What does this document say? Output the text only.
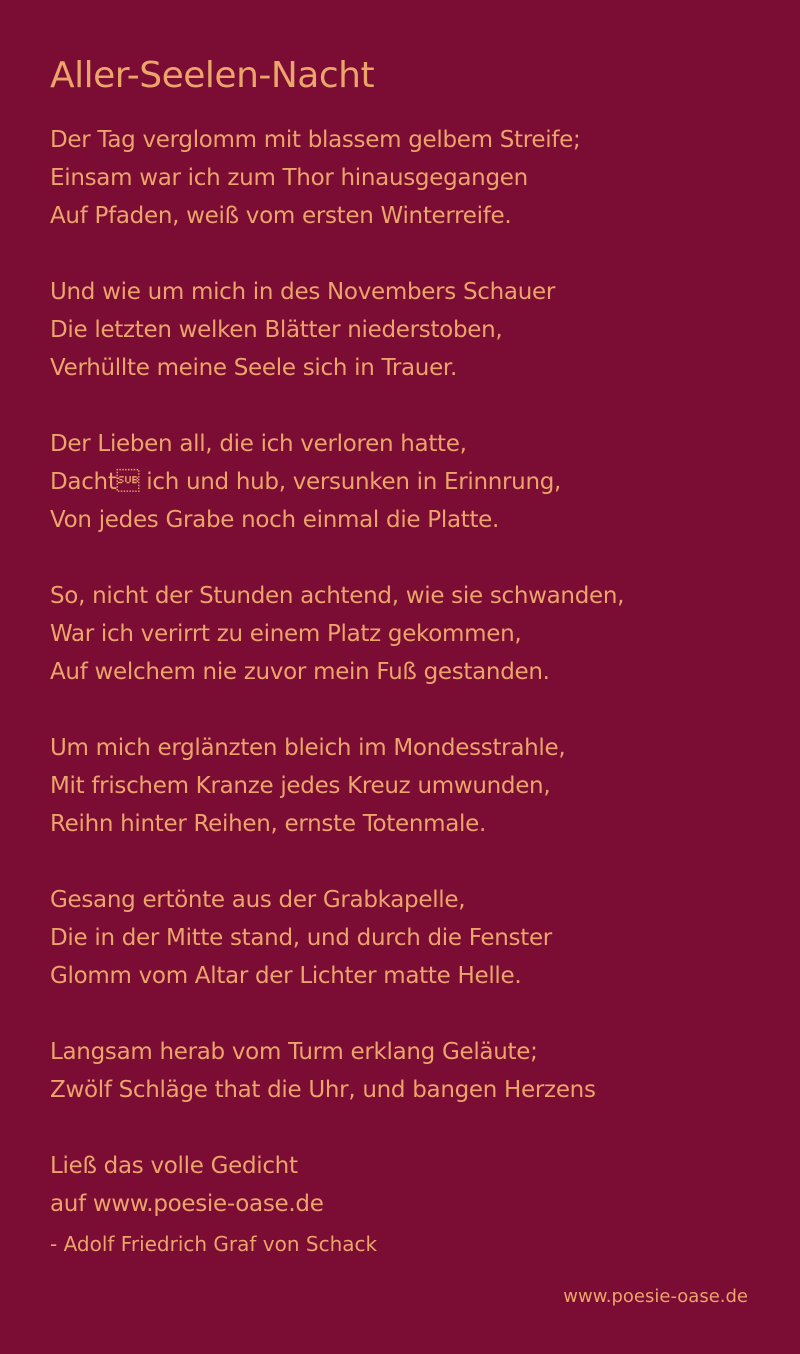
Aller-Seelen-Nacht
Der Tag verglomm mit blassem gelbem Streife;
Einsam war ich zum Thor hinausgegangen
Auf Pfaden, weiß vom ersten Winterreife.
Und wie um mich in des Novembers Schauer
Die letzten welken Blätter niederstoben,
Verhüllte meine Seele sich in Trauer.
Der Lieben all, die ich verloren hatte,
Dacht ich und hub, versunken in Erinnrung,
Von jedes Grabe noch einmal die Platte.
So, nicht der Stunden achtend, wie sie schwanden,
War ich verirrt zu einem Platz gekommen,
Auf welchem nie zuvor mein Fuß gestanden.
Um mich erglänzten bleich im Mondesstrahle,
Mit frischem Kranze jedes Kreuz umwunden,
Reihn hinter Reihen, ernste Totenmale.
Gesang ertönte aus der Grabkapelle,
Die in der Mitte stand, und durch die Fenster
Glomm vom Altar der Lichter matte Helle.
Langsam herab vom Turm erklang Geläute;
Zwölf Schläge that die Uhr, und bangen Herzens
Ließ das volle Gedicht
auf www.poesie-oase.de
- Adolf Friedrich Graf von Schack
www.poesie-oase.de
